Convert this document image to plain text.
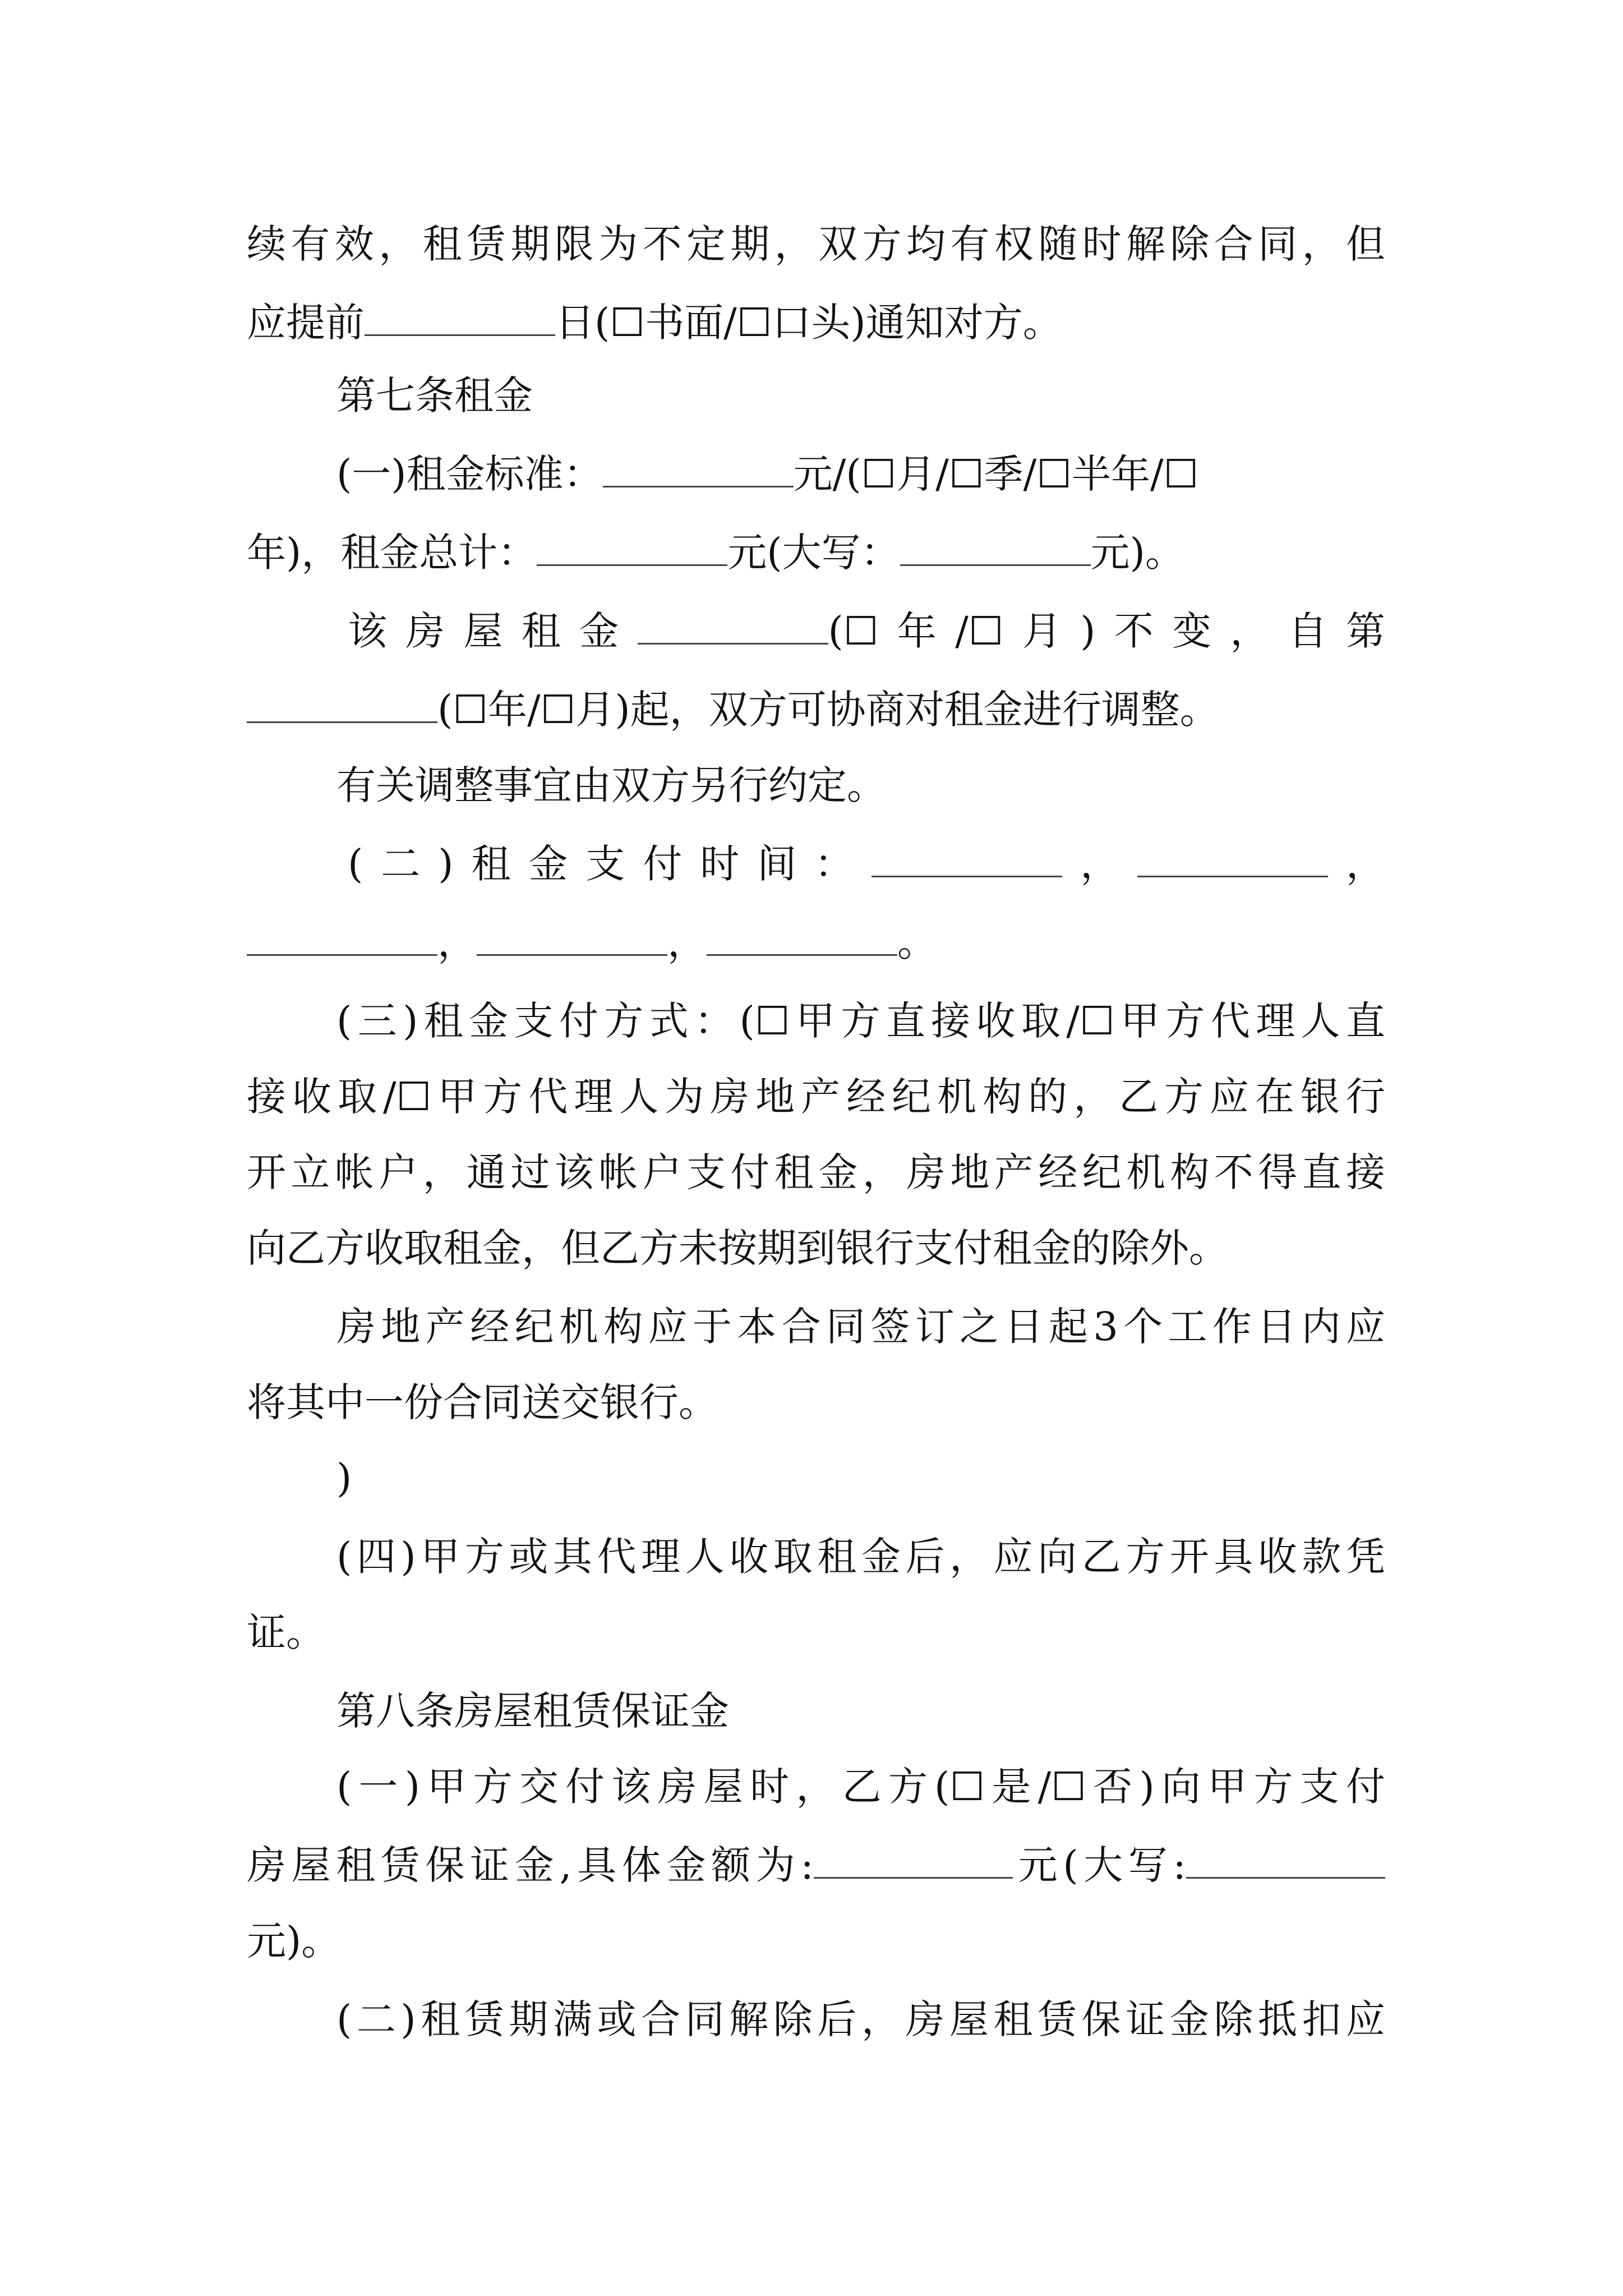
续有效，租赁期限为不定期，双方均有权随时解除合同，但
应提前	日(☐书面/☐口头)通知对方。
第七条租金
(一)租金标准：	元/(☐月/☐季/☐半年/☐
年)，租金总计：	元(大写：	元)。
该房屋租金	(☐年/☐月)不变，自第
(☐年/☐月)起，双方可协商对租金进行调整。
有关调整事宜由双方另行约定。
(二)租金支付时间：	，	，
，	，	。
(三)租金支付方式：(☐甲方直接收取/☐甲方代理人直
接收取/☐甲方代理人为房地产经纪机构的，乙方应在银行
开立帐户，通过该帐户支付租金，房地产经纪机构不得直接
向乙方收取租金，但乙方未按期到银行支付租金的除外。
房地产经纪机构应于本合同签订之日起3个工作日内应
将其中一份合同送交银行。
)
(四)甲方或其代理人收取租金后，应向乙方开具收款凭
证。
第八条房屋租赁保证金
(一)甲方交付该房屋时，乙方(☐是/☐否)向甲方支付
房屋租赁保证金,具体金额为:	元(大写:
元)。
(二)租赁期满或合同解除后，房屋租赁保证金除抵扣应
